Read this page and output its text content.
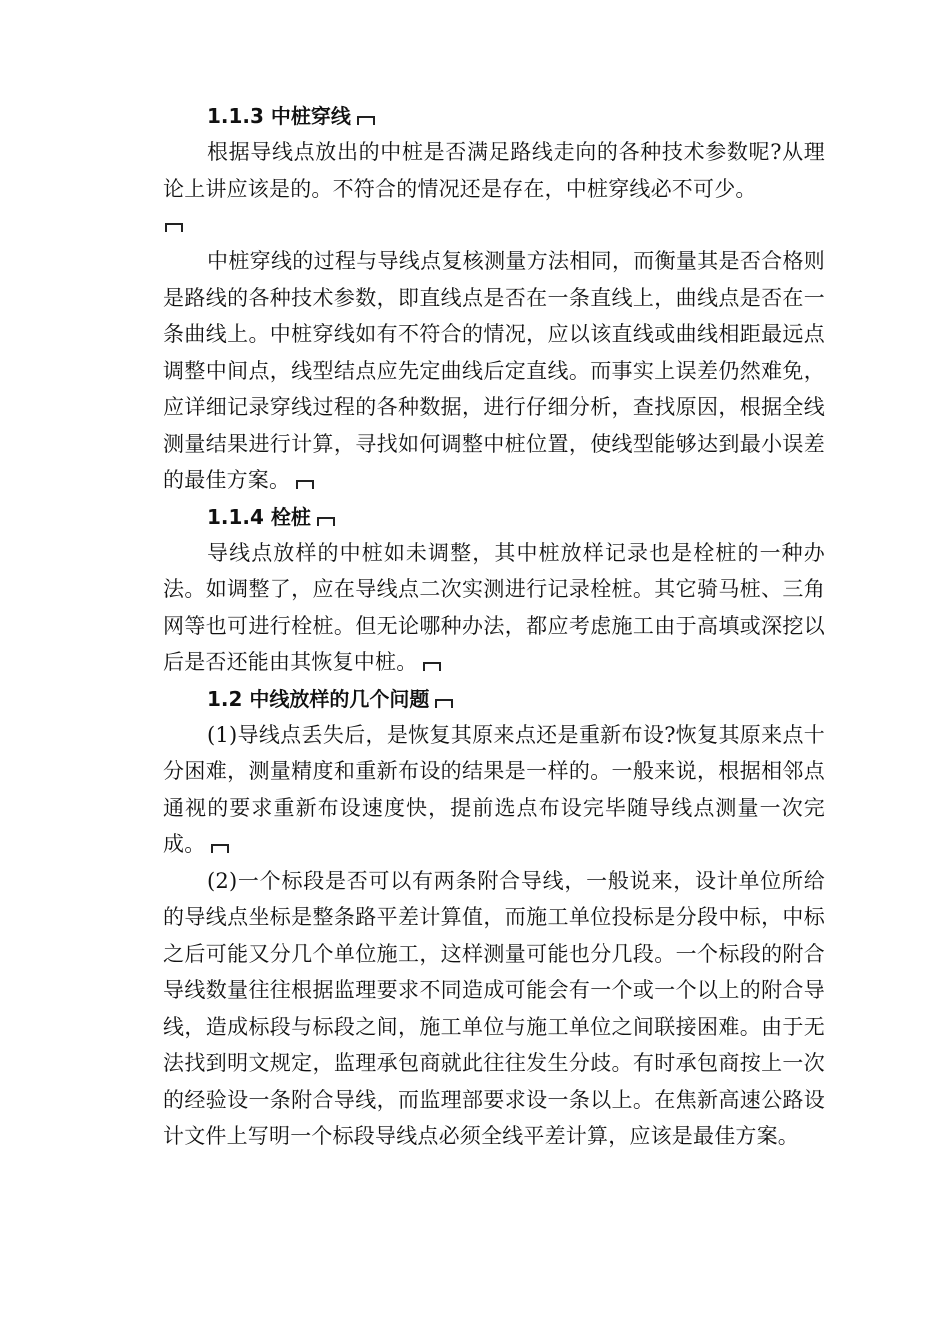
1.1.3 中桩穿线

根据导线点放出的中桩是否满足路线走向的各种技术参数呢?从理论上讲应该是的。不符合的情况还是存在，中桩穿线必不可少。

中桩穿线的过程与导线点复核测量方法相同，而衡量其是否合格则是路线的各种技术参数，即直线点是否在一条直线上，曲线点是否在一条曲线上。中桩穿线如有不符合的情况，应以该直线或曲线相距最远点调整中间点，线型结点应先定曲线后定直线。而事实上误差仍然难免，应详细记录穿线过程的各种数据，进行仔细分析，查找原因，根据全线测量结果进行计算，寻找如何调整中桩位置，使线型能够达到最小误差的最佳方案。

1.1.4 栓桩

导线点放样的中桩如未调整，其中桩放样记录也是栓桩的一种办法。如调整了，应在导线点二次实测进行记录栓桩。其它骑马桩、三角网等也可进行栓桩。但无论哪种办法，都应考虑施工由于高填或深挖以后是否还能由其恢复中桩。

1.2 中线放样的几个问题

(1)导线点丢失后，是恢复其原来点还是重新布设?恢复其原来点十分困难，测量精度和重新布设的结果是一样的。一般来说，根据相邻点通视的要求重新布设速度快，提前选点布设完毕随导线点测量一次完成。

(2)一个标段是否可以有两条附合导线，一般说来，设计单位所给的导线点坐标是整条路平差计算值，而施工单位投标是分段中标，中标之后可能又分几个单位施工，这样测量可能也分几段。一个标段的附合导线数量往往根据监理要求不同造成可能会有一个或一个以上的附合导线，造成标段与标段之间，施工单位与施工单位之间联接困难。由于无法找到明文规定，监理承包商就此往往发生分歧。有时承包商按上一次的经验设一条附合导线，而监理部要求设一条以上。在焦新高速公路设计文件上写明一个标段导线点必须全线平差计算，应该是最佳方案。
